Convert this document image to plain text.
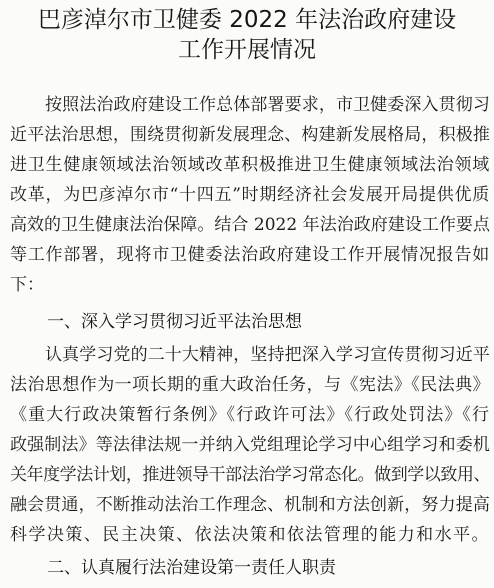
巴彦淖尔市卫健委 2022 年法治政府建设
工作开展情况
按照法治政府建设工作总体部署要求，市卫健委深入贯彻习
近平法治思想，围绕贯彻新发展理念、构建新发展格局，积极推
进卫生健康领域法治领域改革积极推进卫生健康领域法治领域
改革，为巴彦淖尔市“十四五”时期经济社会发展开局提供优质
高效的卫生健康法治保障。结合 2022 年法治政府建设工作要点
等工作部署，现将市卫健委法治政府建设工作开展情况报告如
下：
一、深入学习贯彻习近平法治思想
认真学习党的二十大精神，坚持把深入学习宣传贯彻习近平
法治思想作为一项长期的重大政治任务，与《宪法》《民法典》
《重大行政决策暂行条例》《行政许可法》《行政处罚法》《行
政强制法》等法律法规一并纳入党组理论学习中心组学习和委机
关年度学法计划，推进领导干部法治学习常态化。做到学以致用、
融会贯通，不断推动法治工作理念、机制和方法创新，努力提高
科学决策、民主决策、依法决策和依法管理的能力和水平。
二、认真履行法治建设第一责任人职责
